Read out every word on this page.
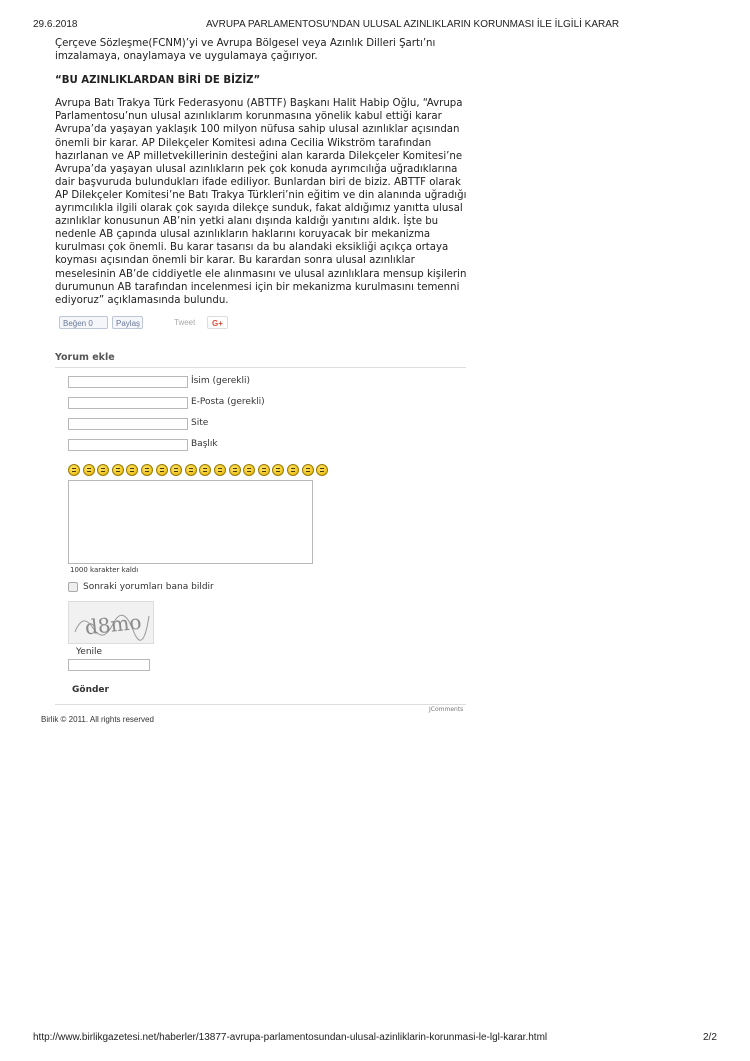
29.6.2018	AVRUPA PARLAMENTOSU'NDAN ULUSAL AZINLIKLARIN KORUNMASI İLE İLGİLİ KARAR

Çerçeve Sözleşme(FCNM)’yi ve Avrupa Bölgesel veya Azınlık Dilleri Şartı’nı imzalamaya, onaylamaya ve uygulamaya çağırıyor.

“BU AZINLIKLARDAN BİRİ DE BİZİZ”

Avrupa Batı Trakya Türk Federasyonu (ABTTF) Başkanı Halit Habip Oğlu, “Avrupa Parlamentosu’nun ulusal azınlıklarım korunmasına yönelik kabul ettiği karar Avrupa’da yaşayan yaklaşık 100 milyon nüfusa sahip ulusal azınlıklar açısından önemli bir karar. AP Dilekçeler Komitesi adına Cecilia Wikström tarafından hazırlanan ve AP milletvekillerinin desteğini alan kararda Dilekçeler Komitesi’ne Avrupa’da yaşayan ulusal azınlıkların pek çok konuda ayrımcılığa uğradıklarına dair başvuruda bulundukları ifade ediliyor. Bunlardan biri de biziz. ABTTF olarak AP Dilekçeler Komitesi’ne Batı Trakya Türkleri’nin eğitim ve din alanında uğradığı ayrımcılıkla ilgili olarak çok sayıda dilekçe sunduk, fakat aldığımız yanıtta ulusal azınlıklar konusunun AB’nin yetki alanı dışında kaldığı yanıtını aldık. İşte bu nedenle AB çapında ulusal azınlıkların haklarını koruyacak bir mekanizma kurulması çok önemli. Bu karar tasarısı da bu alandaki eksikliği açıkça ortaya koyması açısından önemli bir karar. Bu karardan sonra ulusal azınlıklar meselesinin AB’de ciddiyetle ele alınmasını ve ulusal azınlıklara mensup kişilerin durumunun AB tarafından incelenmesi için bir mekanizma kurulmasını temenni ediyoruz” açıklamasında bulundu.

Beğen 0	Paylaş	Tweet	G+
Yorum ekle
İsim (gerekli)
E-Posta (gerekli)
Site
Başlık
1000 karakter kaldı
Sonraki yorumları bana bildir
d8mo
Yenile
Gönder
JComments
Birlik © 2011. All rights reserved
http://www.birlikgazetesi.net/haberler/13877-avrupa-parlamentosundan-ulusal-azinliklarin-korunmasi-le-lgl-karar.html	2/2
